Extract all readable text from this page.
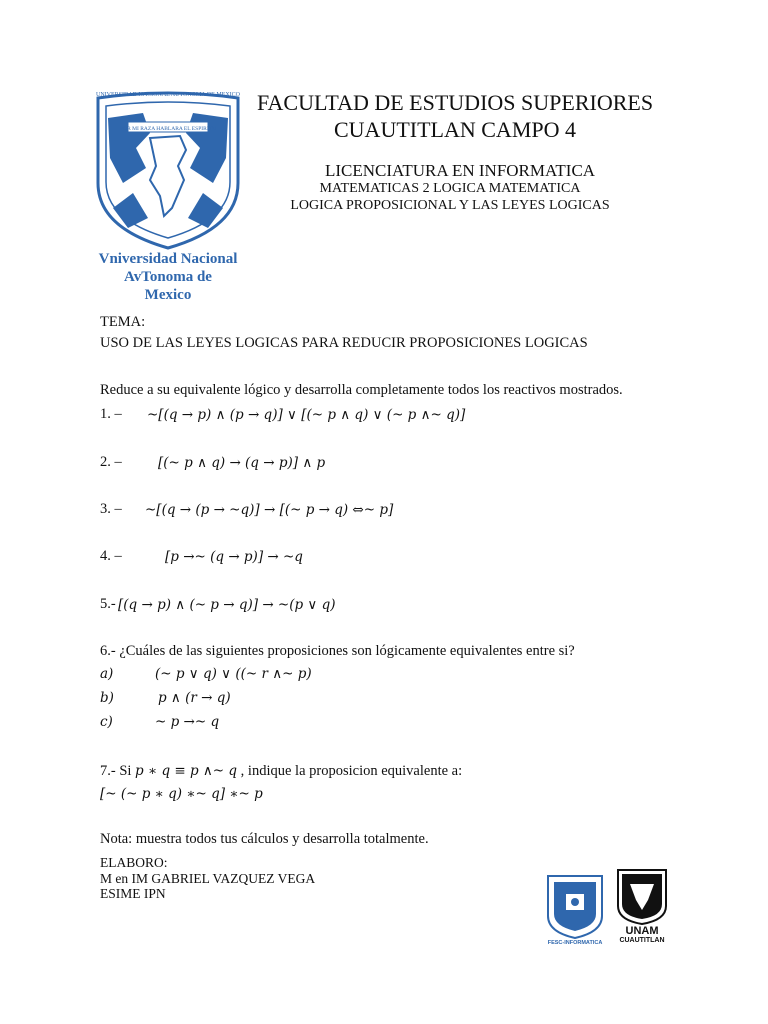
POR MI RAZA HABLARA EL ESPIRITU
UNIVERSIDAD NACIONAL AUTONOMA DE MEXICO
Vniversidad Nacional
AvTonoma de
Mexico
FACULTAD DE ESTUDIOS SUPERIORES
CUAUTITLAN CAMPO 4
LICENCIATURA EN INFORMATICA
MATEMATICAS 2 LOGICA MATEMATICA
LOGICA PROPOSICIONAL Y LAS LEYES LOGICAS
TEMA:
USO DE LAS LEYES LOGICAS PARA REDUCIR PROPOSICIONES LOGICAS
Reduce a su equivalente lógico y desarrolla completamente todos los reactivos mostrados.
1. – ~[(q → p) ∧ (p → q)] ∨ [(~ p ∧ q) ∨ (~ p ∧~ q)]
2. –	[(~ p ∧ q) → (q → p)] ∧ p
3. – ~[(q → (p → ~q)] → [(~ p → q) ⇔~ p]
4. –	[p →~ (q → p)] → ~q
5.- [(q → p) ∧ (~ p → q)] → ~(p ∨ q)
6.- ¿Cuáles de las siguientes proposiciones son lógicamente equivalentes entre si?
a)	(~ p ∨ q) ∨ ((~ r ∧~ p)
b)	p ∧ (r → q)
c)	~ p →~ q
7.- Si p ∗ q ≡ p ∧~ q , indique la proposicion equivalente a:
[~ (~ p ∗ q) ∗~ q] ∗~ p
Nota: muestra todos tus cálculos y desarrolla totalmente.
ELABORO:
M en IM GABRIEL VAZQUEZ VEGA
ESIME IPN
FESC-INFORMATICA
UNAM
CUAUTITLAN
